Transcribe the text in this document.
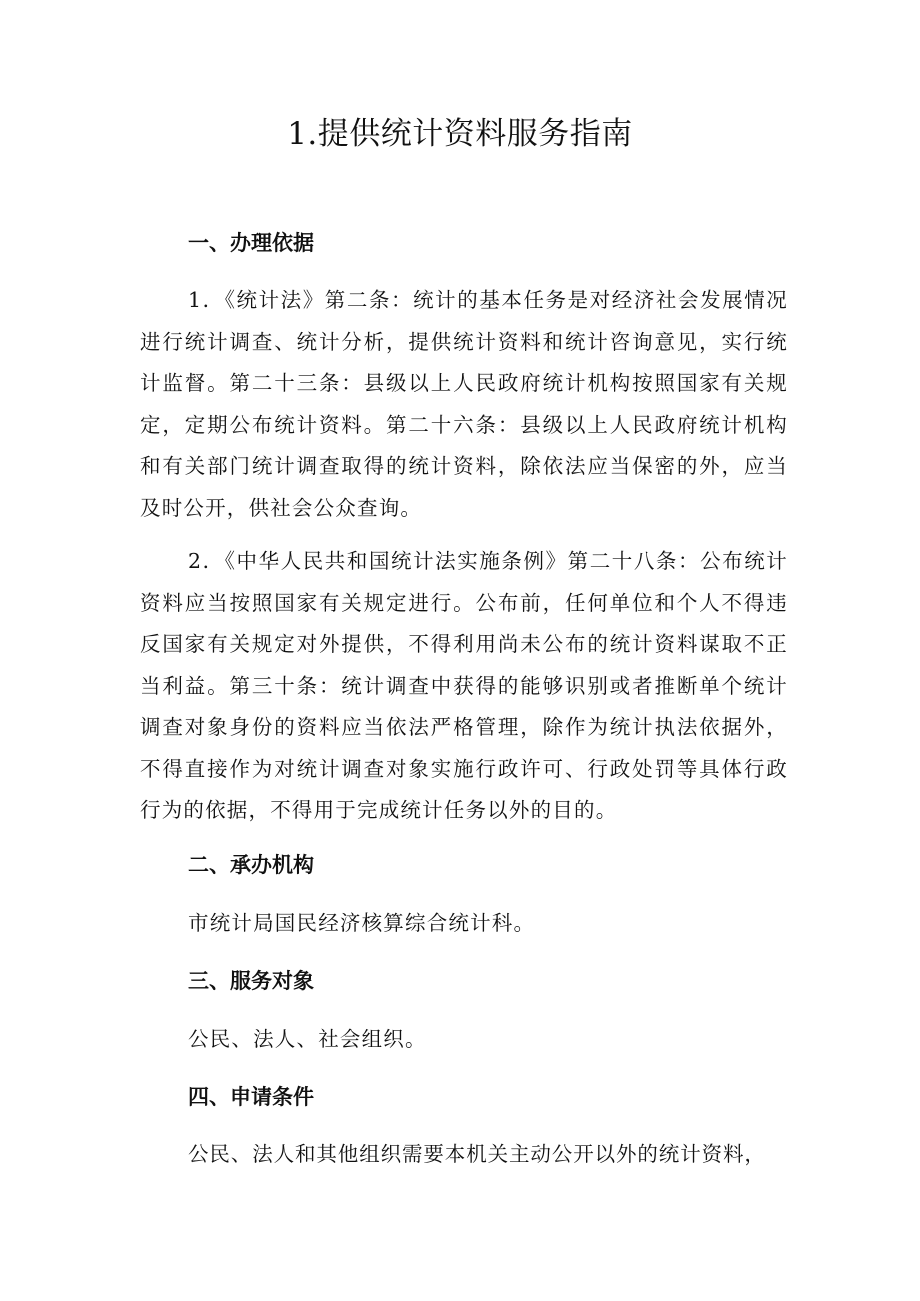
1.提供统计资料服务指南
一、办理依据

1．《统计法》第二条：统计的基本任务是对经济社会发展情况进行统计调查、统计分析，提供统计资料和统计咨询意见，实行统计监督。第二十三条：县级以上人民政府统计机构按照国家有关规定，定期公布统计资料。第二十六条：县级以上人民政府统计机构和有关部门统计调查取得的统计资料，除依法应当保密的外，应当及时公开，供社会公众查询。

2．《中华人民共和国统计法实施条例》第二十八条：公布统计资料应当按照国家有关规定进行。公布前，任何单位和个人不得违反国家有关规定对外提供，不得利用尚未公布的统计资料谋取不正当利益。第三十条：统计调查中获得的能够识别或者推断单个统计调查对象身份的资料应当依法严格管理，除作为统计执法依据外，不得直接作为对统计调查对象实施行政许可、行政处罚等具体行政行为的依据，不得用于完成统计任务以外的目的。

二、承办机构

市统计局国民经济核算综合统计科。

三、服务对象

公民、法人、社会组织。

四、申请条件

公民、法人和其他组织需要本机关主动公开以外的统计资料，
